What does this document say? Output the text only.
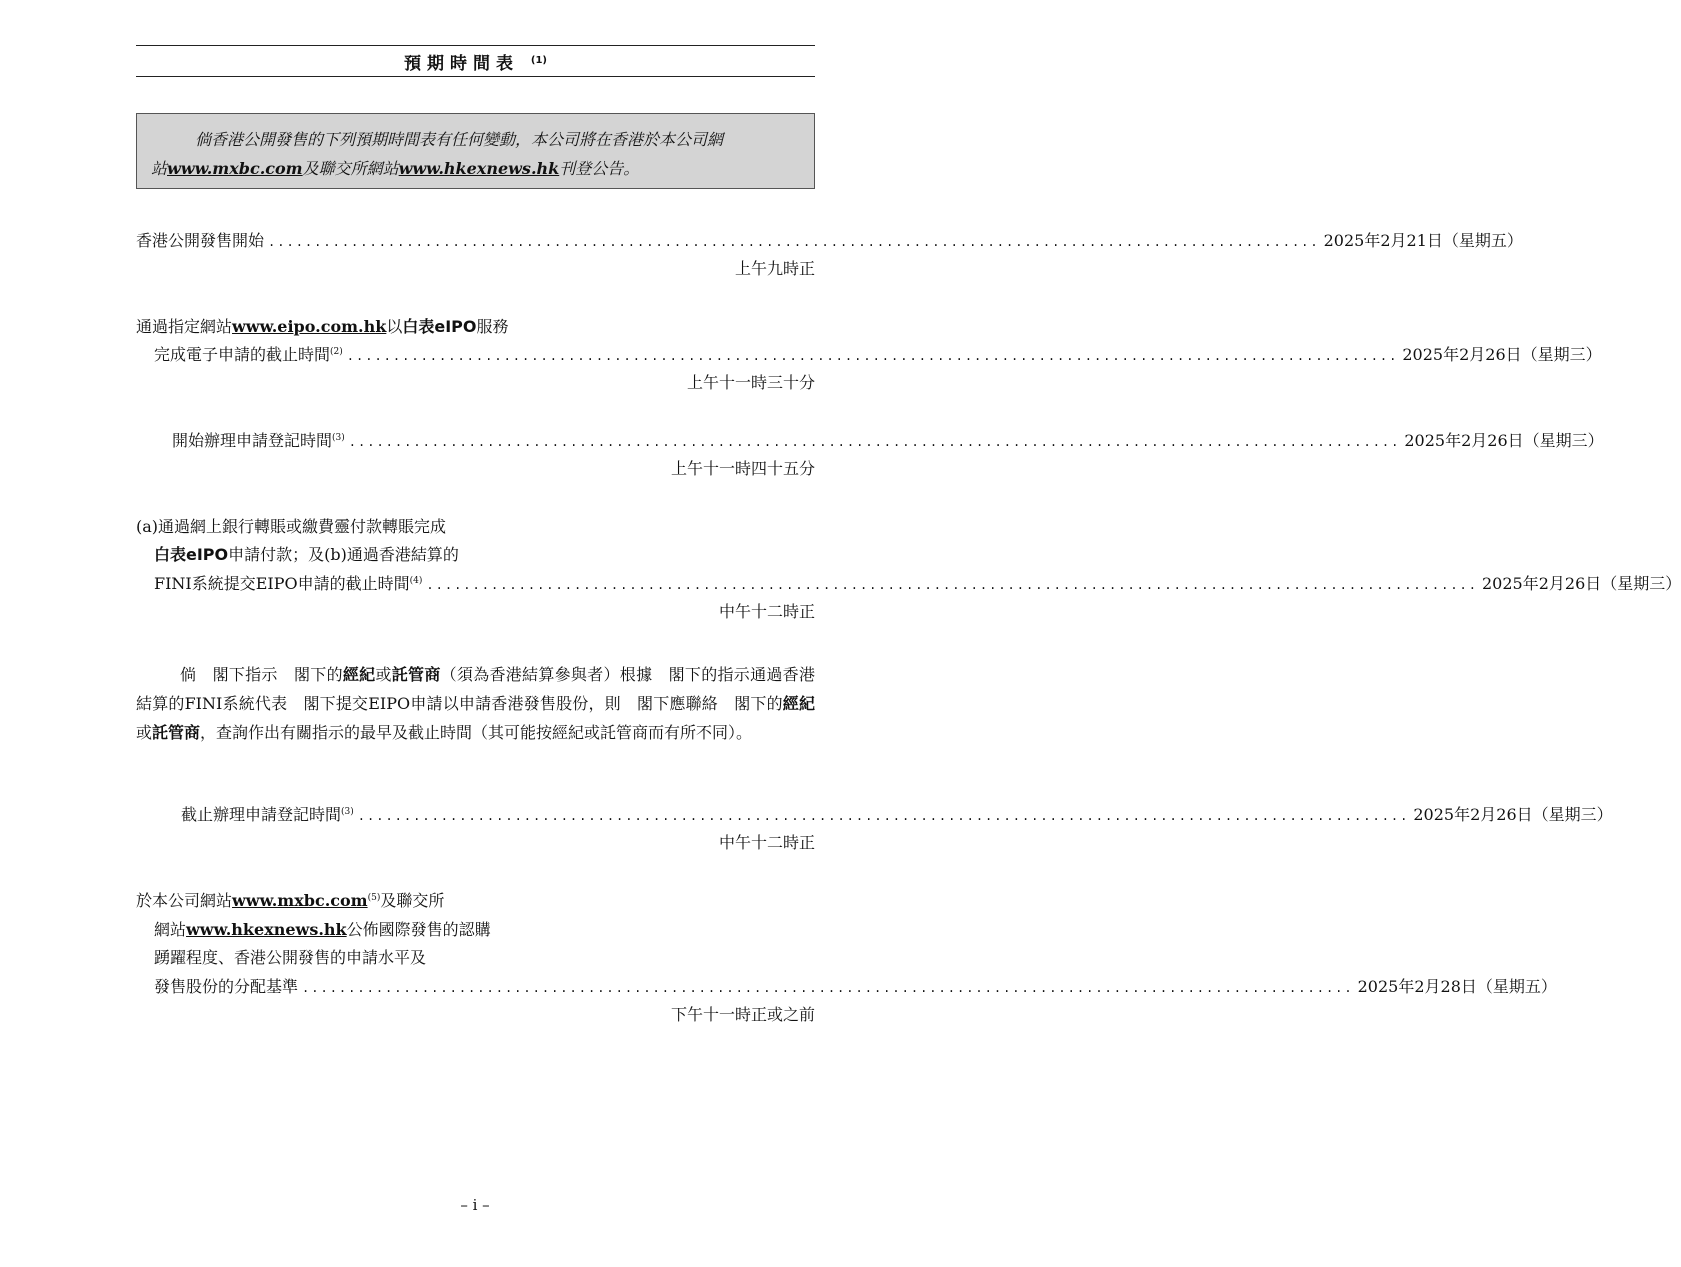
預期時間表 $^{(1)}$
倘香港公開發售的下列預期時間表有任何變動，本公司將在香港於本公司網
站www.mxbc.com及聯交所網站www.hkexnews.hk刊登公告。
香港公開發售開始 .................................................................................................................. 2025年2月21日（星期五）
上午九時正
通過指定網站www.eipo.com.hk以白表eIPO服務
完成電子申請的截止時間$^{(2)}$ .................................................................................................................. 2025年2月26日（星期三）
上午十一時三十分
開始辦理申請登記時間$^{(3)}$ .................................................................................................................. 2025年2月26日（星期三）
上午十一時四十五分
(a)通過網上銀行轉賬或繳費靈付款轉賬完成
白表eIPO申請付款；及(b)通過香港結算的
FINI系統提交EIPO申請的截止時間$^{(4)}$ .................................................................................................................. 2025年2月26日（星期三）
中午十二時正
倘　閣下指示　閣下的經紀或託管商（須為香港結算參與者）根據　閣下的指示通過香港結算的FINI系統代表　閣下提交EIPO申請以申請香港發售股份，則　閣下應聯絡　閣下的經紀或託管商，查詢作出有關指示的最早及截止時間（其可能按經紀或託管商而有所不同）。
截止辦理申請登記時間$^{(3)}$ .................................................................................................................. 2025年2月26日（星期三）
中午十二時正
於本公司網站www.mxbc.com$^{(5)}$及聯交所
網站www.hkexnews.hk公佈國際發售的認購
踴躍程度、香港公開發售的申請水平及
發售股份的分配基準 .................................................................................................................. 2025年2月28日（星期五）
下午十一時正或之前
– i –
